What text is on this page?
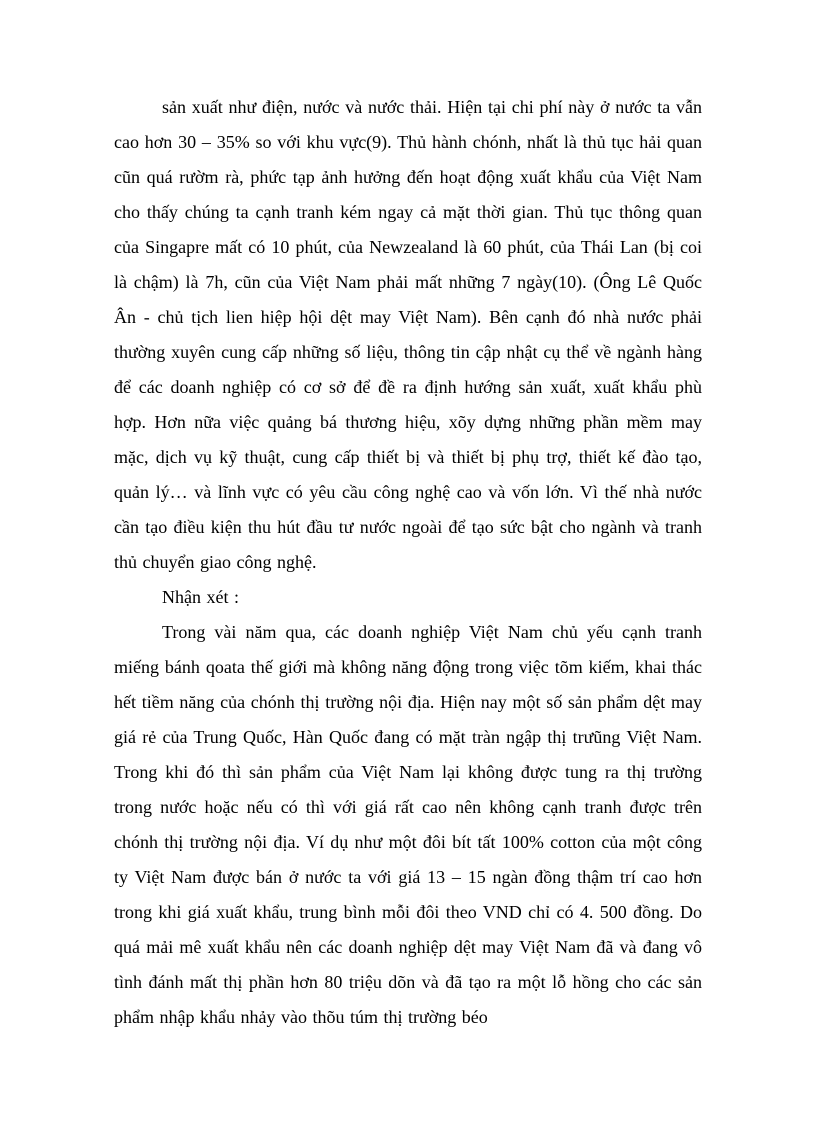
sản xuất như điện, nước và nước thải. Hiện tại chi phí này ở nước ta vẫn cao hơn 30 – 35% so với khu vực(9). Thủ hành chónh, nhất là thủ tục hải quan cũn quá rườm rà, phức tạp ảnh hưởng đến hoạt động xuất khẩu của Việt Nam cho thấy chúng ta cạnh tranh kém ngay cả mặt thời gian. Thủ tục thông quan của Singapre mất có 10 phút, của Newzealand là 60 phút, của Thái Lan (bị coi là chậm) là 7h, cũn của Việt Nam phải mất những 7 ngày(10). (Ông Lê Quốc Ân - chủ tịch lien hiệp hội dệt may Việt Nam). Bên cạnh đó nhà nước phải thường xuyên cung cấp những số liệu, thông tin cập nhật cụ thể về ngành hàng để các doanh nghiệp có cơ sở để đề ra định hướng sản xuất, xuất khẩu phù hợp. Hơn nữa việc quảng bá thương hiệu, xõy dựng những phần mềm may mặc, dịch vụ kỹ thuật, cung cấp thiết bị và thiết bị phụ trợ, thiết kế đào tạo, quản lý… và lĩnh vực có yêu cầu công nghệ cao và vốn lớn. Vì thế nhà nước cần tạo điều kiện thu hút đầu tư nước ngoài để tạo sức bật cho ngành và tranh thủ chuyển giao công nghệ.

Nhận xét :

Trong vài năm qua, các doanh nghiệp Việt Nam chủ yếu cạnh tranh miếng bánh qoata thế giới mà không năng động trong việc tõm kiếm, khai thác hết tiềm năng của chónh thị trường nội địa. Hiện nay một số sản phẩm dệt may giá rẻ của Trung Quốc, Hàn Quốc đang có mặt tràn ngập thị trưũng Việt Nam. Trong khi đó thì sản phẩm của Việt Nam lại không được tung ra thị trường trong nước hoặc nếu có thì với giá rất cao nên không cạnh tranh được trên chónh thị trường nội địa. Ví dụ như một đôi bít tất 100% cotton của một công ty Việt Nam được bán ở nước ta với giá 13 – 15 ngàn đồng thậm trí cao hơn trong khi giá xuất khẩu, trung bình mỗi đôi theo VND chỉ có 4. 500 đồng. Do quá mải mê xuất khẩu nên các doanh nghiệp dệt may Việt Nam đã và đang vô tình đánh mất thị phần hơn 80 triệu dõn và đã tạo ra một lỗ hồng cho các sản phẩm nhập khẩu nhảy vào thõu túm thị trường béo
